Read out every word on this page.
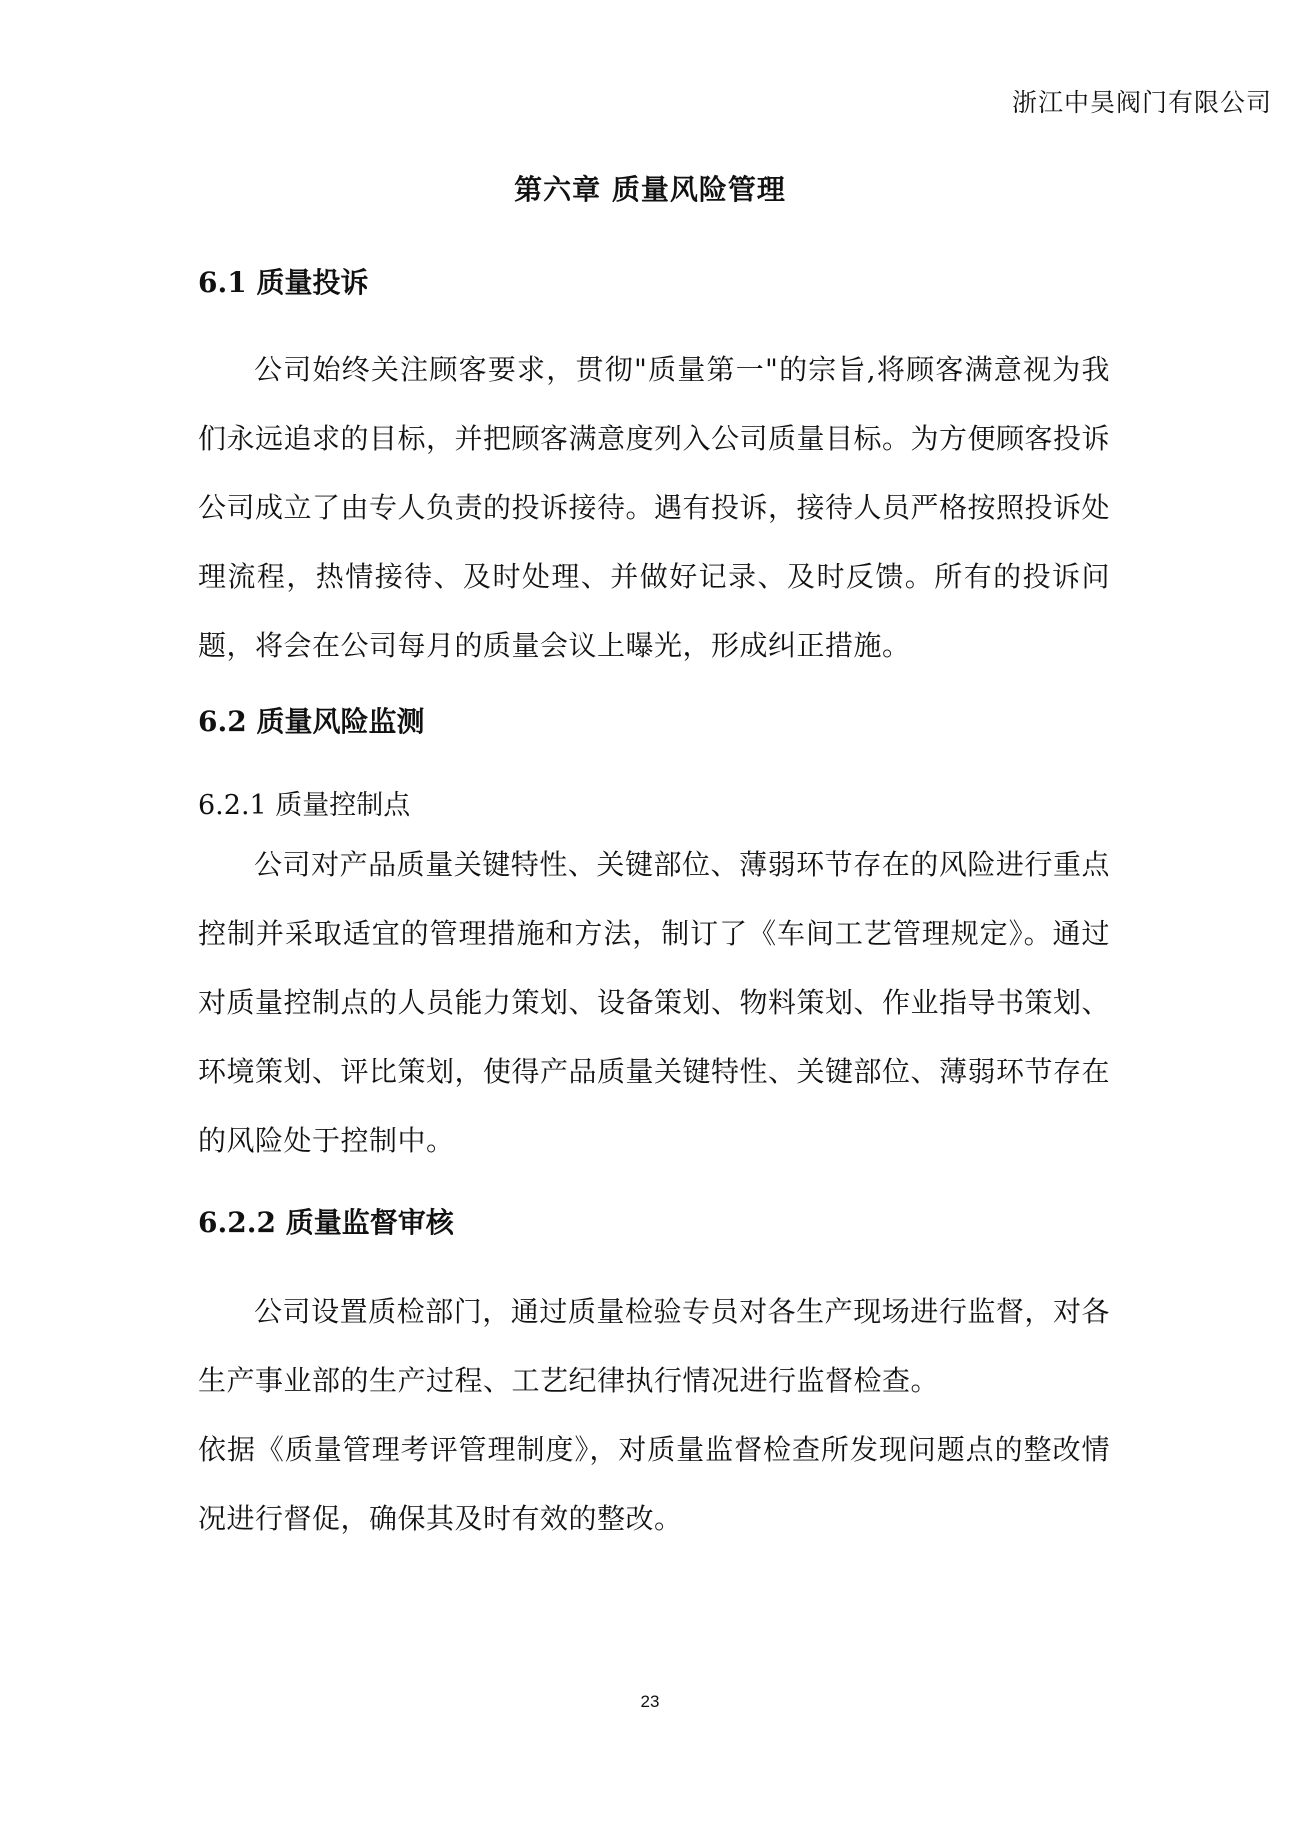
浙江中昊阀门有限公司
第六章 质量风险管理
6.1 质量投诉

公司始终关注顾客要求，贯彻"质量第一"的宗旨,将顾客满意视为我们永远追求的目标，并把顾客满意度列入公司质量目标。为方便顾客投诉公司成立了由专人负责的投诉接待。遇有投诉，接待人员严格按照投诉处理流程，热情接待、及时处理、并做好记录、及时反馈。所有的投诉问题，将会在公司每月的质量会议上曝光，形成纠正措施。

6.2 质量风险监测
6.2.1 质量控制点

公司对产品质量关键特性、关键部位、薄弱环节存在的风险进行重点控制并采取适宜的管理措施和方法，制订了《车间工艺管理规定》。通过对质量控制点的人员能力策划、设备策划、物料策划、作业指导书策划、环境策划、评比策划，使得产品质量关键特性、关键部位、薄弱环节存在的风险处于控制中。

6.2.2 质量监督审核

公司设置质检部门，通过质量检验专员对各生产现场进行监督，对各生产事业部的生产过程、工艺纪律执行情况进行监督检查。

依据《质量管理考评管理制度》，对质量监督检查所发现问题点的整改情况进行督促，确保其及时有效的整改。

23
